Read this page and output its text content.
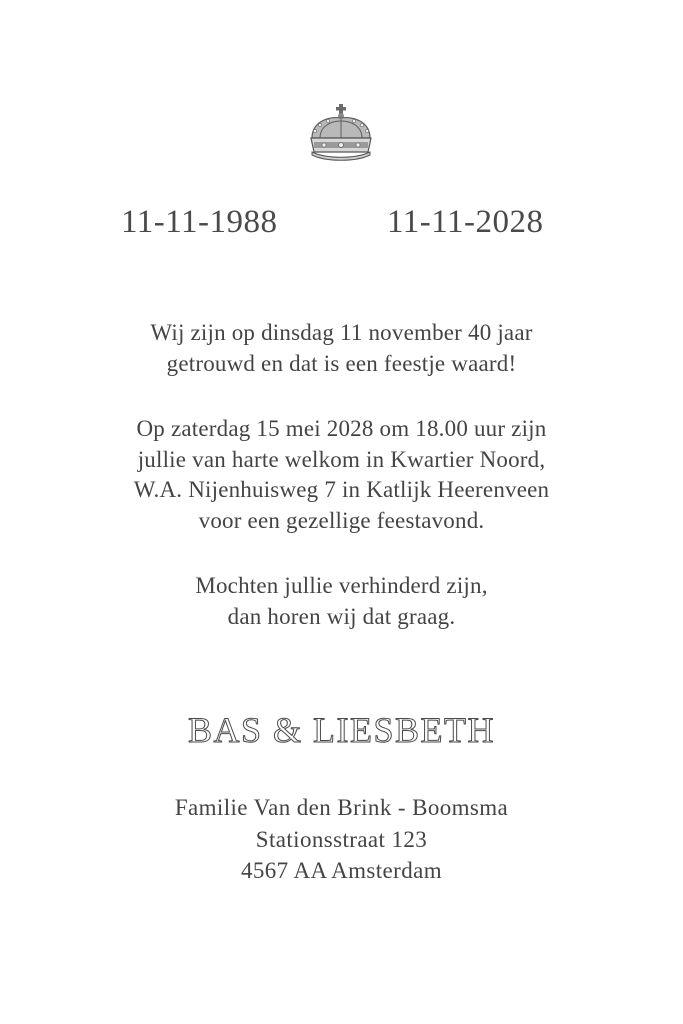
11-11-1988	11-11-2028
Wij zijn op dinsdag 11 november 40 jaar
getrouwd en dat is een feestje waard!
Op zaterdag 15 mei 2028 om 18.00 uur zijn
jullie van harte welkom in Kwartier Noord,
W.A. Nijenhuisweg 7 in Katlijk Heerenveen
voor een gezellige feestavond.
Mochten jullie verhinderd zijn,
dan horen wij dat graag.
BAS & LIESBETH
Familie Van den Brink - Boomsma
Stationsstraat 123
4567 AA Amsterdam
